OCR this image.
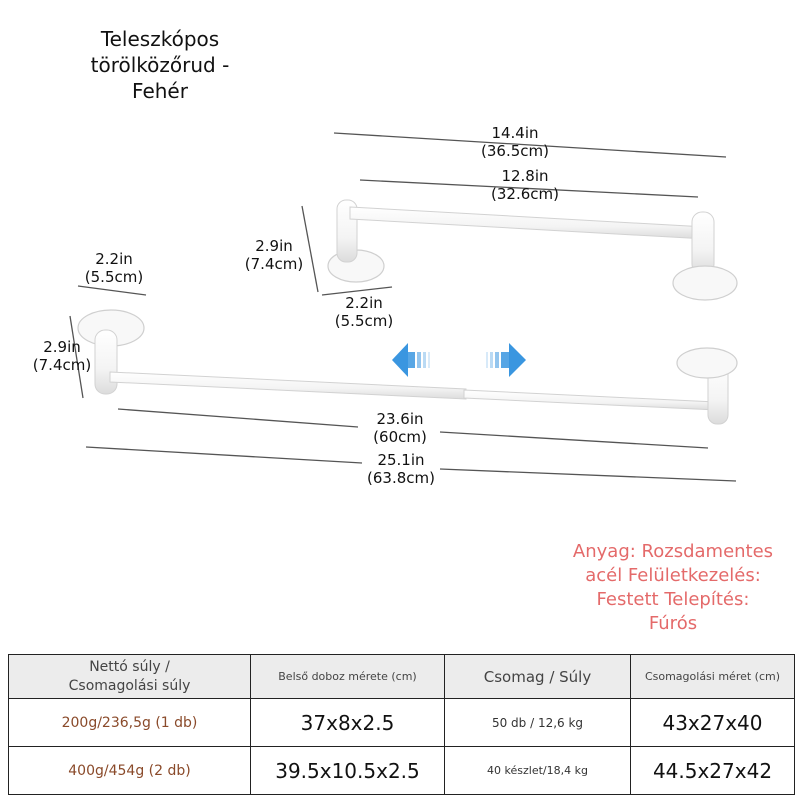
Teleszkópos
törölközőrud - Fehér
14.4in
(36.5cm)
12.8in
(32.6cm)
2.9in
(7.4cm)
2.2in
(5.5cm)
2.2in
(5.5cm)
2.9in
(7.4cm)
23.6in
(60cm)
25.1in
(63.8cm)
Anyag: Rozsdamentes
acél Felületkezelés:
Festett Telepítés:
Fúrós
Nettó súly /
Csomagolási súly	Belső doboz mérete (cm)	Csomag / Súly	Csomagolási méret (cm)
200g/236,5g (1 db)	37x8x2.5	50 db / 12,6 kg	43x27x40
400g/454g (2 db)	39.5x10.5x2.5	40 készlet/18,4 kg	44.5x27x42
